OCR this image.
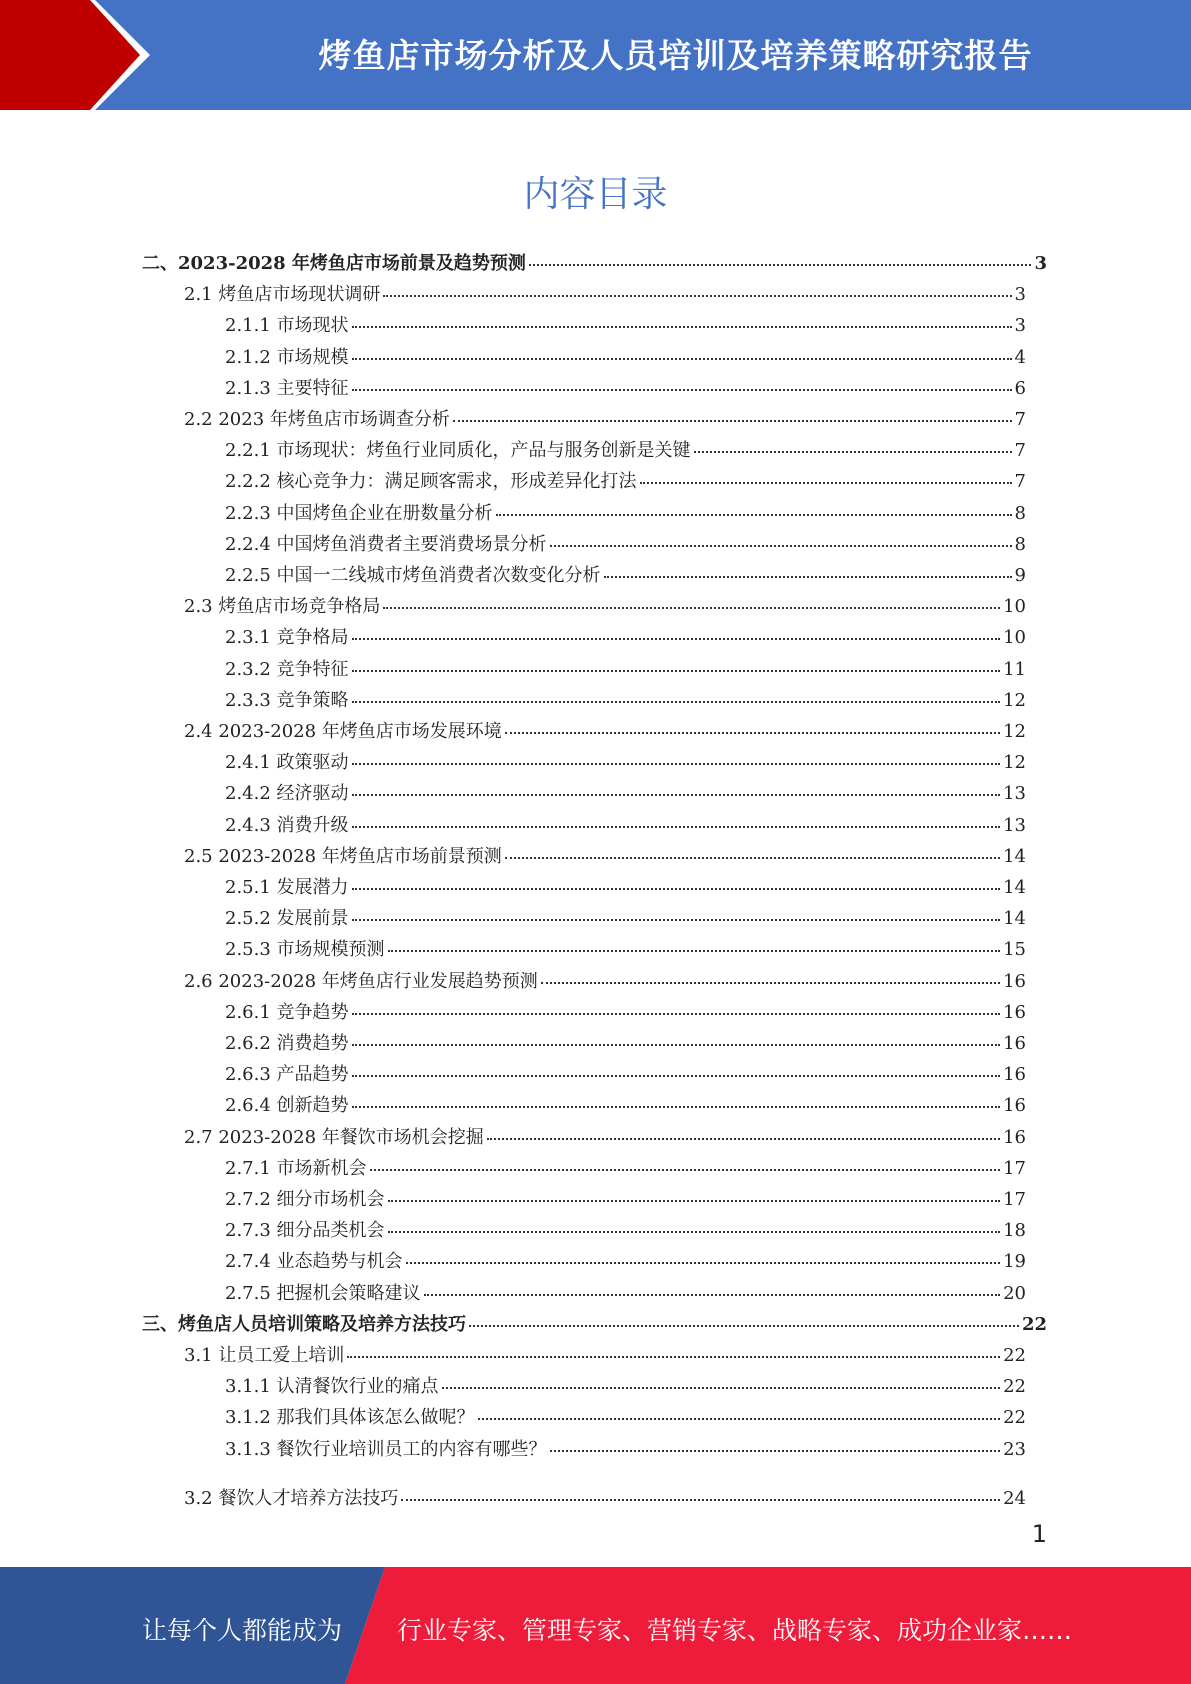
烤鱼店市场分析及人员培训及培养策略研究报告
内容目录
二、2023-2028 年烤鱼店市场前景及趋势预测	3
2.1 烤鱼店市场现状调研	3
2.1.1 市场现状	3
2.1.2 市场规模	4
2.1.3 主要特征	6
2.2 2023 年烤鱼店市场调查分析	7
2.2.1 市场现状：烤鱼行业同质化，产品与服务创新是关键	7
2.2.2 核心竞争力：满足顾客需求，形成差异化打法	7
2.2.3 中国烤鱼企业在册数量分析	8
2.2.4 中国烤鱼消费者主要消费场景分析	8
2.2.5 中国一二线城市烤鱼消费者次数变化分析	9
2.3 烤鱼店市场竞争格局	10
2.3.1 竞争格局	10
2.3.2 竞争特征	11
2.3.3 竞争策略	12
2.4 2023-2028 年烤鱼店市场发展环境	12
2.4.1 政策驱动	12
2.4.2 经济驱动	13
2.4.3 消费升级	13
2.5 2023-2028 年烤鱼店市场前景预测	14
2.5.1 发展潜力	14
2.5.2 发展前景	14
2.5.3 市场规模预测	15
2.6 2023-2028 年烤鱼店行业发展趋势预测	16
2.6.1 竞争趋势	16
2.6.2 消费趋势	16
2.6.3 产品趋势	16
2.6.4 创新趋势	16
2.7 2023-2028 年餐饮市场机会挖掘	16
2.7.1 市场新机会	17
2.7.2 细分市场机会	17
2.7.3 细分品类机会	18
2.7.4 业态趋势与机会	19
2.7.5 把握机会策略建议	20
三、烤鱼店人员培训策略及培养方法技巧	22
3.1 让员工爱上培训	22
3.1.1 认清餐饮行业的痛点	22
3.1.2 那我们具体该怎么做呢？	22
3.1.3 餐饮行业培训员工的内容有哪些？	23
3.2 餐饮人才培养方法技巧	24
1
让每个人都能成为 行业专家、管理专家、营销专家、战略专家、成功企业家……
